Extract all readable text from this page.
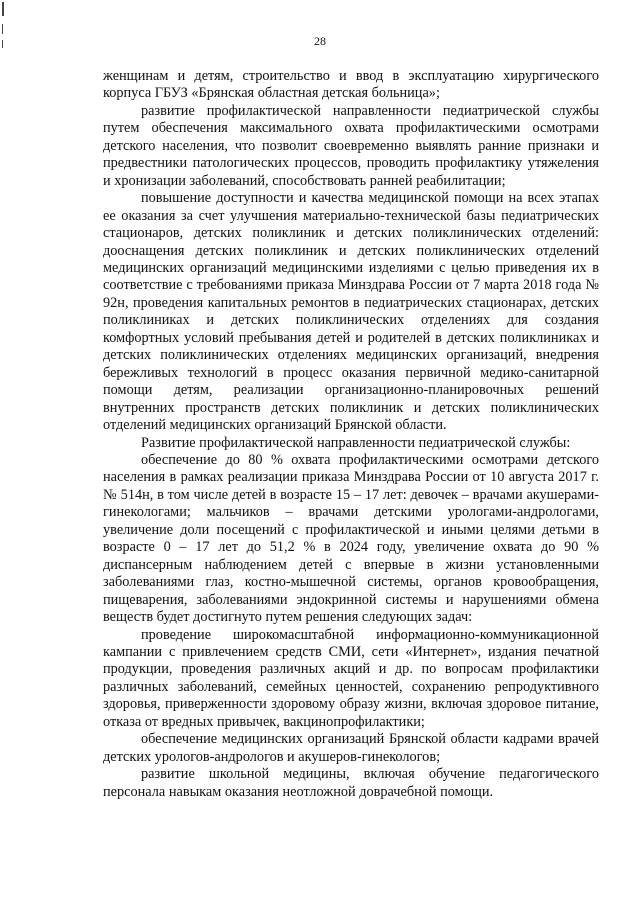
28

женщинам и детям, строительство и ввод в эксплуатацию хирургического корпуса ГБУЗ «Брянская областная детская больница»;

развитие профилактической направленности педиатрической службы путем обеспечения максимального охвата профилактическими осмотрами детского населения, что позволит своевременно выявлять ранние признаки и предвестники патологических процессов, проводить профилактику утяжеления и хронизации заболеваний, способствовать ранней реабилитации;

повышение доступности и качества медицинской помощи на всех этапах ее оказания за счет улучшения материально-технической базы педиатрических стационаров, детских поликлиник и детских поликлинических отделений: дооснащения детских поликлиник и детских поликлинических отделений медицинских организаций медицинскими изделиями с целью приведения их в соответствие с требованиями приказа Минздрава России от 7 марта 2018 года № 92н, проведения капитальных ремонтов в педиатрических стационарах, детских поликлиниках и детских поликлинических отделениях для создания комфортных условий пребывания детей и родителей в детских поликлиниках и детских поликлинических отделениях медицинских организаций, внедрения бережливых технологий в процесс оказания первичной медико-санитарной помощи детям, реализации организационно-планировочных решений внутренних пространств детских поликлиник и детских поликлинических отделений медицинских организаций Брянской области.

Развитие профилактической направленности педиатрической службы:

обеспечение до 80 % охвата профилактическими осмотрами детского населения в рамках реализации приказа Минздрава России от 10 августа 2017 г. № 514н, в том числе детей в возрасте 15 – 17 лет: девочек – врачами акушерами-гинекологами; мальчиков – врачами детскими урологами-андрологами, увеличение доли посещений с профилактической и иными целями детьми в возрасте 0 – 17 лет до 51,2 % в 2024 году, увеличение охвата до 90 % диспансерным наблюдением детей с впервые в жизни установленными заболеваниями глаз, костно-мышечной системы, органов кровообращения, пищеварения, заболеваниями эндокринной системы и нарушениями обмена веществ будет достигнуто путем решения следующих задач:

проведение широкомасштабной информационно-коммуникационной кампании с привлечением средств СМИ, сети «Интернет», издания печатной продукции, проведения различных акций и др. по вопросам профилактики различных заболеваний, семейных ценностей, сохранению репродуктивного здоровья, приверженности здоровому образу жизни, включая здоровое питание, отказа от вредных привычек, вакцинопрофилактики;

обеспечение медицинских организаций Брянской области кадрами врачей детских урологов-андрологов и акушеров-гинекологов;

развитие школьной медицины, включая обучение педагогического персонала навыкам оказания неотложной доврачебной помощи.
